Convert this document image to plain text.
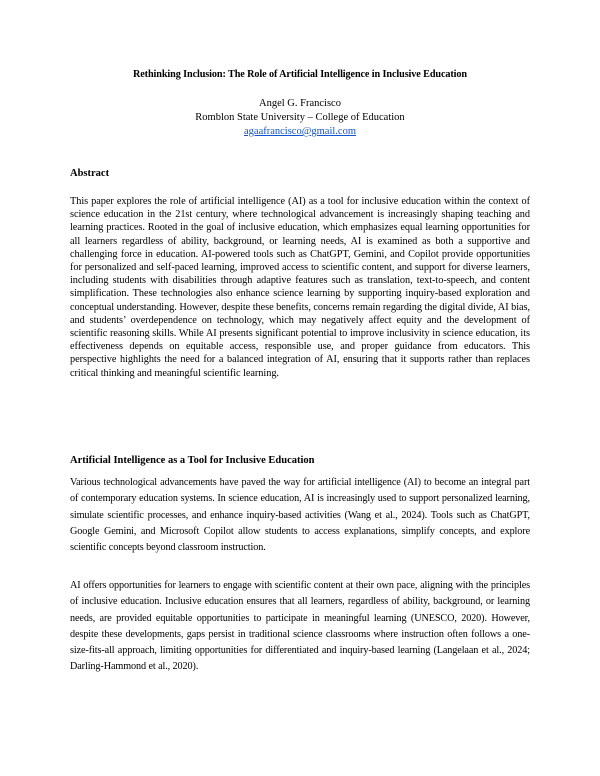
Rethinking Inclusion: The Role of Artificial Intelligence in Inclusive Education
Angel G. Francisco
Romblon State University – College of Education
agaafrancisco@gmail.com
Abstract

This paper explores the role of artificial intelligence (AI) as a tool for inclusive education within the context of science education in the 21st century, where technological advancement is increasingly shaping teaching and learning practices. Rooted in the goal of inclusive education, which emphasizes equal learning opportunities for all learners regardless of ability, background, or learning needs, AI is examined as both a supportive and challenging force in education. AI-powered tools such as ChatGPT, Gemini, and Copilot provide opportunities for personalized and self-paced learning, improved access to scientific content, and support for diverse learners, including students with disabilities through adaptive features such as translation, text-to-speech, and content simplification. These technologies also enhance science learning by supporting inquiry-based exploration and conceptual understanding. However, despite these benefits, concerns remain regarding the digital divide, AI bias, and students’ overdependence on technology, which may negatively affect equity and the development of scientific reasoning skills. While AI presents significant potential to improve inclusivity in science education, its effectiveness depends on equitable access, responsible use, and proper guidance from educators. This perspective highlights the need for a balanced integration of AI, ensuring that it supports rather than replaces critical thinking and meaningful scientific learning.

Artificial Intelligence as a Tool for Inclusive Education

Various technological advancements have paved the way for artificial intelligence (AI) to become an integral part of contemporary education systems. In science education, AI is increasingly used to support personalized learning, simulate scientific processes, and enhance inquiry-based activities (Wang et al., 2024). Tools such as ChatGPT, Google Gemini, and Microsoft Copilot allow students to access explanations, simplify concepts, and explore scientific concepts beyond classroom instruction.

AI offers opportunities for learners to engage with scientific content at their own pace, aligning with the principles of inclusive education. Inclusive education ensures that all learners, regardless of ability, background, or learning needs, are provided equitable opportunities to participate in meaningful learning (UNESCO, 2020). However, despite these developments, gaps persist in traditional science classrooms where instruction often follows a one-size-fits-all approach, limiting opportunities for differentiated and inquiry-based learning (Langelaan et al., 2024; Darling-Hammond et al., 2020).
